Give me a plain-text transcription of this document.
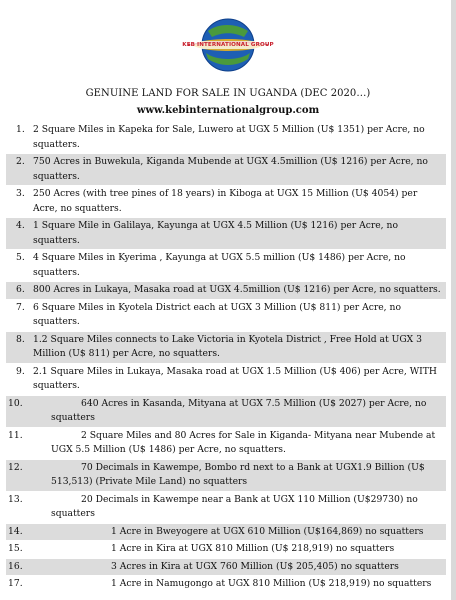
KEB INTERNATIONAL GROUP
GENUINE LAND FOR SALE IN UGANDA (DEC 2020…)
www.kebinternationalgroup.com
1. 2 Square Miles in Kapeka for Sale, Luwero at UGX 5 Million (U$ 1351) per Acre, no squatters.
2. 750 Acres in Buwekula, Kiganda Mubende at UGX 4.5million (U$ 1216) per Acre, no squatters.
3. 250 Acres (with tree pines of 18 years) in Kiboga at UGX 15 Million (U$ 4054) per Acre, no squatters.
4. 1 Square Mile in Galilaya, Kayunga at UGX 4.5 Million (U$ 1216) per Acre, no squatters.
5. 4 Square Miles in Kyerima , Kayunga at UGX 5.5 million (U$ 1486) per Acre, no squatters.
6. 800 Acres in Lukaya, Masaka road at UGX 4.5million (U$ 1216) per Acre, no squatters.
7. 6 Square Miles in Kyotela District each at UGX 3 Million (U$ 811) per Acre, no squatters.
8. 1.2 Square Miles connects to Lake Victoria in Kyotela District , Free Hold at UGX 3 Million (U$ 811) per Acre, no squatters.
9. 2.1 Square Miles in Lukaya, Masaka road at UGX 1.5 Million (U$ 406) per Acre, WITH squatters.
10.	640 Acres in Kasanda, Mityana at UGX 7.5 Million (U$ 2027) per Acre, no squatters
11.	2 Square Miles and 80 Acres for Sale in Kiganda- Mityana near Mubende at UGX 5.5 Million (U$ 1486) per Acre, no squatters.
12.	70 Decimals in Kawempe, Bombo rd next to a Bank at UGX1.9 Billion (U$ 513,513) (Private Mile Land) no squatters
13.	20 Decimals in Kawempe near a Bank at UGX 110 Million (U$29730) no squatters
14.	1 Acre in Bweyogere at UGX 610 Million (U$164,869) no squatters
15.	1 Acre in Kira at UGX 810 Million (U$ 218,919) no squatters
16.	3 Acres in Kira at UGX 760 Million (U$ 205,405) no squatters
17.	1 Acre in Namugongo at UGX 810 Million (U$ 218,919) no squatters
